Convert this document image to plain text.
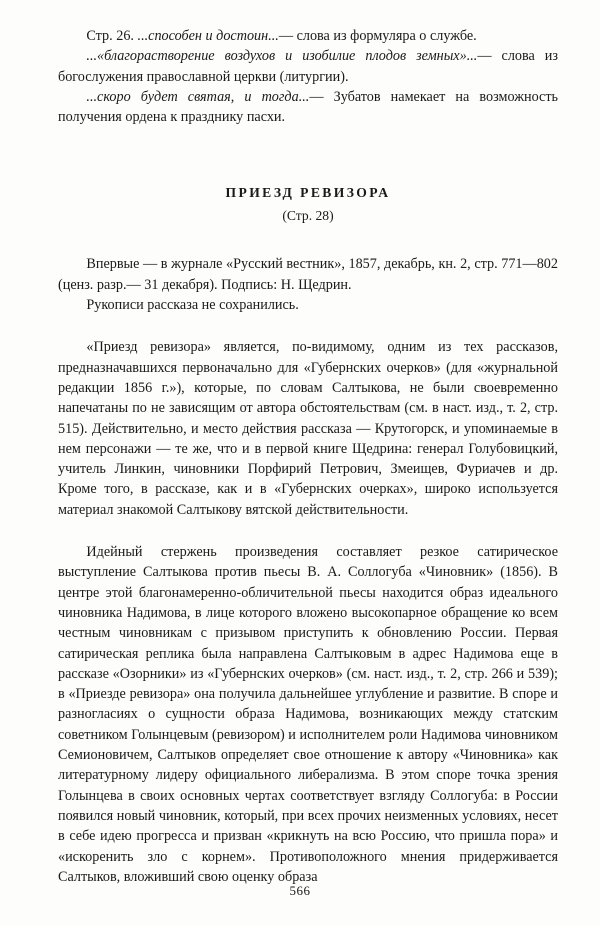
Стр. 26. ...способен и достоин...— слова из формуляра о службе.

...«благорастворение воздухов и изобилие плодов земных»...— слова из богослужения православной церкви (литургии).

...скоро будет святая, и тогда...— Зубатов намекает на возможность получения ордена к празднику пасхи.

ПРИЕЗД РЕВИЗОРА
(Стр. 28)

Впервые — в журнале «Русский вестник», 1857, декабрь, кн. 2, стр. 771—802 (ценз. разр.— 31 декабря). Подпись: Н. Щедрин.

Рукописи рассказа не сохранились.

«Приезд ревизора» является, по-видимому, одним из тех рассказов, предназначавшихся первоначально для «Губернских очерков» (для «журнальной редакции 1856 г.»), которые, по словам Салтыкова, не были своевременно напечатаны по не зависящим от автора обстоятельствам (см. в наст. изд., т. 2, стр. 515). Действительно, и место действия рассказа — Крутогорск, и упоминаемые в нем персонажи — те же, что и в первой книге Щедрина: генерал Голубовицкий, учитель Линкин, чиновники Порфирий Петрович, Змеищев, Фуриачев и др. Кроме того, в рассказе, как и в «Губернских очерках», широко используется материал знакомой Салтыкову вятской действительности.

Идейный стержень произведения составляет резкое сатирическое выступление Салтыкова против пьесы В. А. Соллогуба «Чиновник» (1856). В центре этой благонамеренно-обличительной пьесы находится образ идеального чиновника Надимова, в лице которого вложено высокопарное обращение ко всем честным чиновникам с призывом приступить к обновлению России. Первая сатирическая реплика была направлена Салтыковым в адрес Надимова еще в рассказе «Озорники» из «Губернских очерков» (см. наст. изд., т. 2, стр. 266 и 539); в «Приезде ревизора» она получила дальнейшее углубление и развитие. В споре и разногласиях о сущности образа Надимова, возникающих между статским советником Голынцевым (ревизором) и исполнителем роли Надимова чиновником Семионовичем, Салтыков определяет свое отношение к автору «Чиновника» как литературному лидеру официального либерализма. В этом споре точка зрения Голынцева в своих основных чертах соответствует взгляду Соллогуба: в России появился новый чиновник, который, при всех прочих неизменных условиях, несет в себе идею прогресса и призван «крикнуть на всю Россию, что пришла пора» и «искоренить зло с корнем». Противоположного мнения придерживается Салтыков, вложивший свою оценку образа

566
